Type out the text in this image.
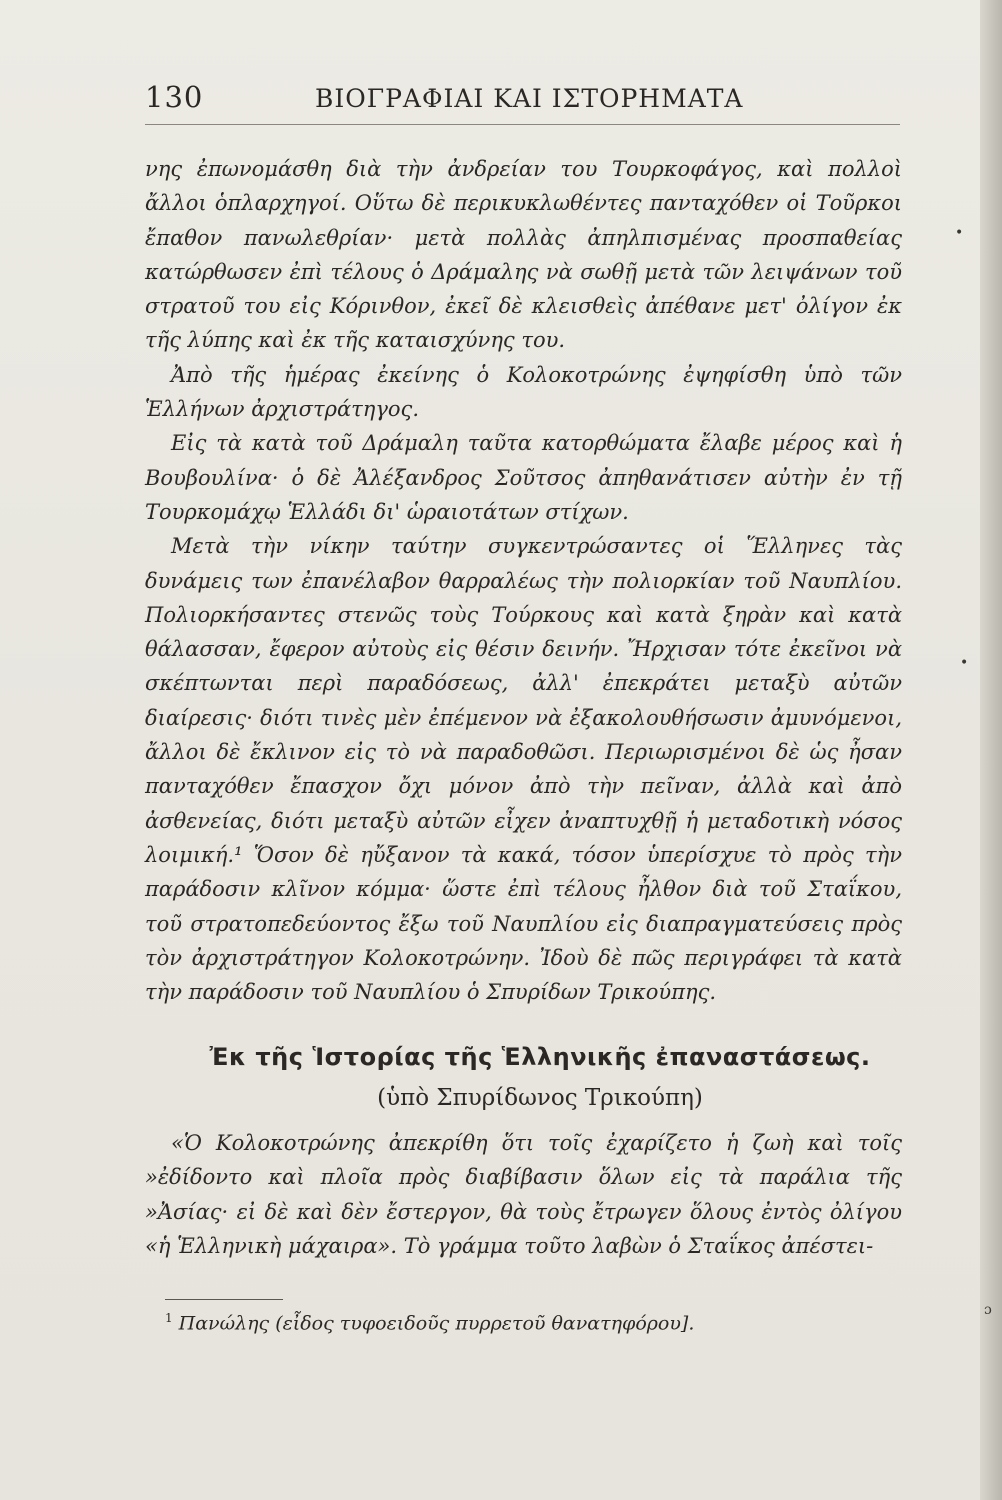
130	ΒΙΟΓΡΑΦΙΑΙ ΚΑΙ ΙΣΤΟΡΗΜΑΤΑ

νης ἐπωνομάσθη διὰ τὴν ἀνδρείαν του Τουρκοφάγος, καὶ πολλοὶ ἄλλοι ὁπλαρχηγοί. Οὕτω δὲ περικυκλωθέντες πανταχόθεν οἱ Τοῦρκοι ἔπαθον πανωλεθρίαν· μετὰ πολλὰς ἀπηλπισμένας προσπαθείας κατώρθωσεν ἐπὶ τέλους ὁ Δράμαλης νὰ σωθῇ μετὰ τῶν λειψάνων τοῦ στρατοῦ του εἰς Κόρινθον, ἐκεῖ δὲ κλεισθεὶς ἀπέθανε μετ' ὀλίγον ἐκ τῆς λύπης καὶ ἐκ τῆς καταισχύνης του.

Ἀπὸ τῆς ἡμέρας ἐκείνης ὁ Κολοκοτρώνης ἐψηφίσθη ὑπὸ τῶν Ἑλλήνων ἀρχιστράτηγος.

Εἰς τὰ κατὰ τοῦ Δράμαλη ταῦτα κατορθώματα ἔλαβε μέρος καὶ ἡ Βουβουλίνα· ὁ δὲ Ἀλέξανδρος Σοῦτσος ἀπηθανάτισεν αὐτὴν ἐν τῇ Τουρκομάχῳ Ἑλλάδι δι' ὡραιοτάτων στίχων.

Μετὰ τὴν νίκην ταύτην συγκεντρώσαντες οἱ Ἕλληνες τὰς δυνάμεις των ἐπανέλαβον θαρραλέως τὴν πολιορκίαν τοῦ Ναυπλίου. Πολιορκήσαντες στενῶς τοὺς Τούρκους καὶ κατὰ ξηρὰν καὶ κατὰ θάλασσαν, ἔφερον αὐτοὺς εἰς θέσιν δεινήν. Ἤρχισαν τότε ἐκεῖνοι νὰ σκέπτωνται περὶ παραδόσεως, ἀλλ' ἐπεκράτει μεταξὺ αὐτῶν διαίρεσις· διότι τινὲς μὲν ἐπέμενον νὰ ἐξακολουθήσωσιν ἀμυνόμενοι, ἄλλοι δὲ ἔκλινον εἰς τὸ νὰ παραδοθῶσι. Περιωρισμένοι δὲ ὡς ἦσαν πανταχόθεν ἔπασχον ὄχι μόνον ἀπὸ τὴν πεῖναν, ἀλλὰ καὶ ἀπὸ ἀσθενείας, διότι μεταξὺ αὐτῶν εἶχεν ἀναπτυχθῇ ἡ μεταδοτικὴ νόσος λοιμική.¹ Ὅσον δὲ ηὔξανον τὰ κακά, τόσον ὑπερίσχυε τὸ πρὸς τὴν παράδοσιν κλῖνον κόμμα· ὥστε ἐπὶ τέλους ἦλθον διὰ τοῦ Σταΐκου, τοῦ στρατοπεδεύοντος ἔξω τοῦ Ναυπλίου εἰς διαπραγματεύσεις πρὸς τὸν ἀρχιστράτηγον Κολοκοτρώνην. Ἰδοὺ δὲ πῶς περιγράφει τὰ κατὰ τὴν παράδοσιν τοῦ Ναυπλίου ὁ Σπυρίδων Τρικούπης.

Ἐκ τῆς Ἱστορίας τῆς Ἑλληνικῆς ἐπαναστάσεως.
(ὑπὸ Σπυρίδωνος Τρικούπη)

«Ὁ Κολοκοτρώνης ἀπεκρίθη ὅτι τοῖς ἐχαρίζετο ἡ ζωὴ καὶ τοῖς »ἐδίδοντο καὶ πλοῖα πρὸς διαβίβασιν ὅλων εἰς τὰ παράλια τῆς »Ἀσίας· εἰ δὲ καὶ δὲν ἔστεργον, θὰ τοὺς ἔτρωγεν ὅλους ἐντὸς ὀλίγου «ἡ Ἑλληνικὴ μάχαιρα». Τὸ γράμμα τοῦτο λαβὼν ὁ Σταΐκος ἀπέστει-

$^1$ Πανώλης (εἶδος τυφοειδοῦς πυρρετοῦ θανατηφόρου].
•
•
ɔ
